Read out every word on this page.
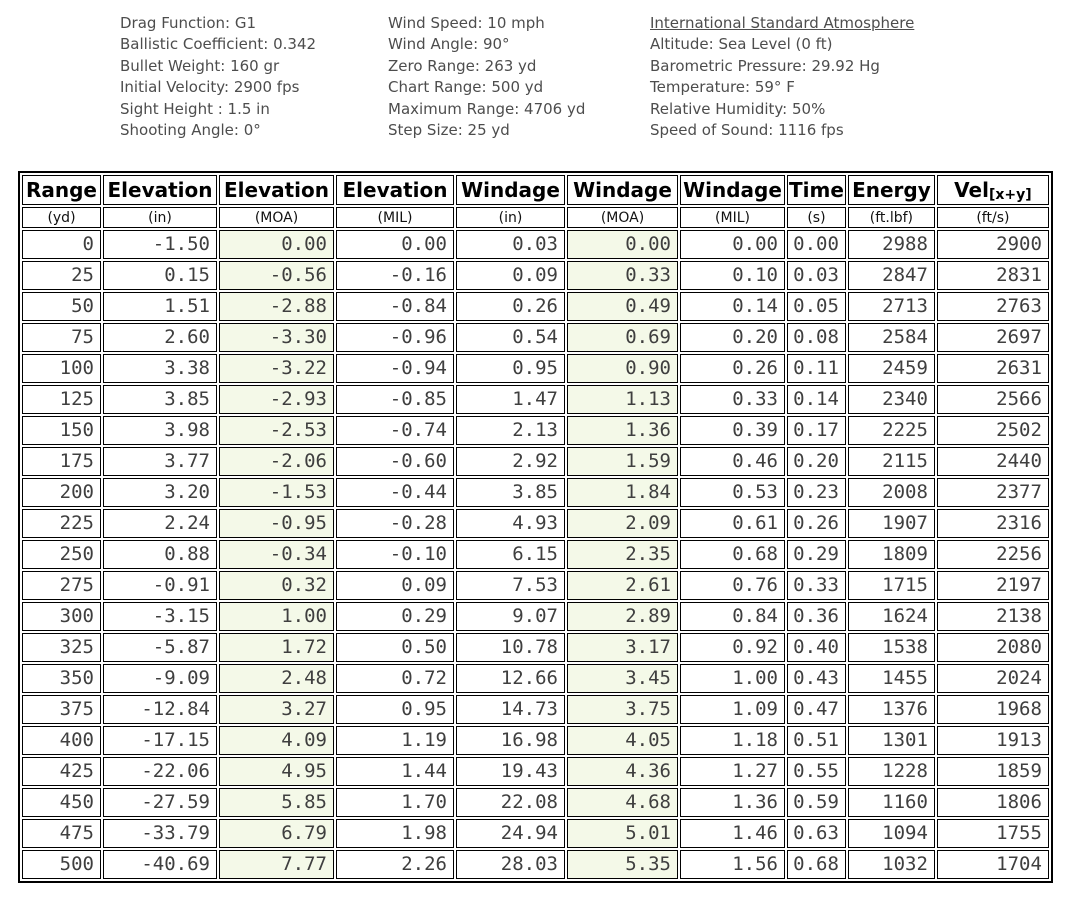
Drag Function: G1
Ballistic Coefficient: 0.342
Bullet Weight: 160 gr
Initial Velocity: 2900 fps
Sight Height : 1.5 in
Shooting Angle: 0°
Wind Speed: 10 mph
Wind Angle: 90°
Zero Range: 263 yd
Chart Range: 500 yd
Maximum Range: 4706 yd
Step Size: 25 yd
International Standard Atmosphere
Altitude: Sea Level (0 ft)
Barometric Pressure: 29.92 Hg
Temperature: 59° F
Relative Humidity: 50%
Speed of Sound: 1116 fps
Range	Elevation	Elevation	Elevation	Windage	Windage	Windage	Time	Energy	Vel[x+y]
(yd)	(in)	(MOA)	(MIL)	(in)	(MOA)	(MIL)	(s)	(ft.lbf)	(ft/s)
0	-1.50	0.00	0.00	0.03	0.00	0.00	0.00	2988	2900
25	0.15	-0.56	-0.16	0.09	0.33	0.10	0.03	2847	2831
50	1.51	-2.88	-0.84	0.26	0.49	0.14	0.05	2713	2763
75	2.60	-3.30	-0.96	0.54	0.69	0.20	0.08	2584	2697
100	3.38	-3.22	-0.94	0.95	0.90	0.26	0.11	2459	2631
125	3.85	-2.93	-0.85	1.47	1.13	0.33	0.14	2340	2566
150	3.98	-2.53	-0.74	2.13	1.36	0.39	0.17	2225	2502
175	3.77	-2.06	-0.60	2.92	1.59	0.46	0.20	2115	2440
200	3.20	-1.53	-0.44	3.85	1.84	0.53	0.23	2008	2377
225	2.24	-0.95	-0.28	4.93	2.09	0.61	0.26	1907	2316
250	0.88	-0.34	-0.10	6.15	2.35	0.68	0.29	1809	2256
275	-0.91	0.32	0.09	7.53	2.61	0.76	0.33	1715	2197
300	-3.15	1.00	0.29	9.07	2.89	0.84	0.36	1624	2138
325	-5.87	1.72	0.50	10.78	3.17	0.92	0.40	1538	2080
350	-9.09	2.48	0.72	12.66	3.45	1.00	0.43	1455	2024
375	-12.84	3.27	0.95	14.73	3.75	1.09	0.47	1376	1968
400	-17.15	4.09	1.19	16.98	4.05	1.18	0.51	1301	1913
425	-22.06	4.95	1.44	19.43	4.36	1.27	0.55	1228	1859
450	-27.59	5.85	1.70	22.08	4.68	1.36	0.59	1160	1806
475	-33.79	6.79	1.98	24.94	5.01	1.46	0.63	1094	1755
500	-40.69	7.77	2.26	28.03	5.35	1.56	0.68	1032	1704
